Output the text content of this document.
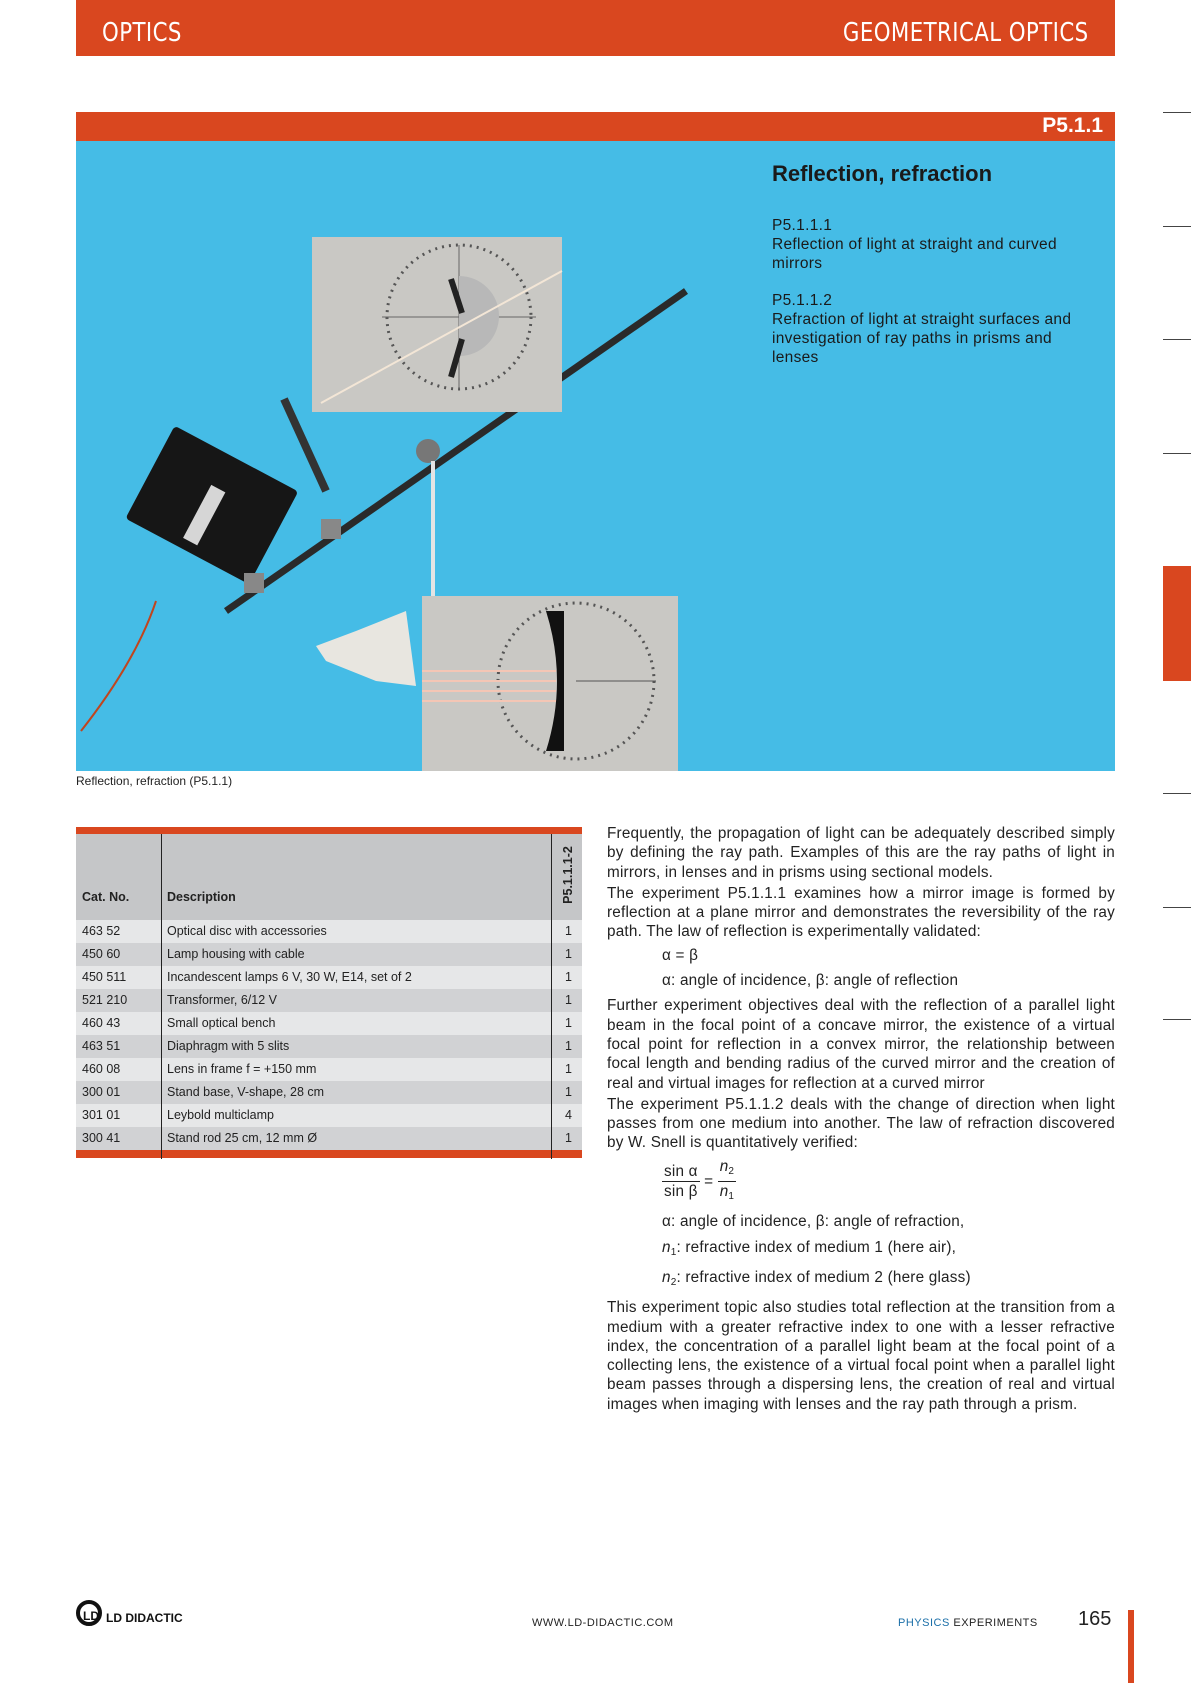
OPTICS	GEOMETRICAL OPTICS
P5.1.1
Reflection, refraction
P5.1.1.1
Reflection of light at straight and curved mirrors
P5.1.1.2
Refraction of light at straight surfaces and investigation of ray paths in prisms and lenses
Reflection, refraction (P5.1.1)
Cat. No.	Description	P5.1.1.1-2
463 52	Optical disc with accessories	1
450 60	Lamp housing with cable	1
450 511	Incandescent lamps 6 V, 30 W, E14, set of 2	1
521 210	Transformer, 6/12 V	1
460 43	Small optical bench	1
463 51	Diaphragm with 5 slits	1
460 08	Lens in frame f = +150 mm	1
300 01	Stand base, V-shape, 28 cm	1
301 01	Leybold multiclamp	4
300 41	Stand rod 25 cm, 12 mm Ø	1

Frequently, the propagation of light can be adequately described simply by defining the ray path. Examples of this are the ray paths of light in mirrors, in lenses and in prisms using sectional models.

The experiment P5.1.1.1 examines how a mirror image is formed by reflection at a plane mirror and demonstrates the reversibility of the ray path. The law of reflection is experimentally validated:

α = β

α: angle of incidence, β: angle of reflection

Further experiment objectives deal with the reflection of a parallel light beam in the focal point of a concave mirror, the existence of a virtual focal point for reflection in a convex mirror, the relationship between focal length and bending radius of the curved mirror and the creation of real and virtual images for reflection at a curved mirror

The experiment P5.1.1.2 deals with the change of direction when light passes from one medium into another. The law of refraction discovered by W. Snell is quantitatively verified:

$\frac{\text{sin α}}{\text{sin β}} = \frac{n_2}{n_1}$

α: angle of incidence, β: angle of refraction,

$n_1$: refractive index of medium 1 (here air),

$n_2$: refractive index of medium 2 (here glass)

This experiment topic also studies total reflection at the transition from a medium with a greater refractive index to one with a lesser refractive index, the concentration of a parallel light beam at the focal point of a collecting lens, the existence of a virtual focal point when a parallel light beam passes through a dispersing lens, the creation of real and virtual images when imaging with lenses and the ray path through a prism.

LD LD DIDACTIC	WWW.LD-DIDACTIC.COM	PHYSICS EXPERIMENTS 165
